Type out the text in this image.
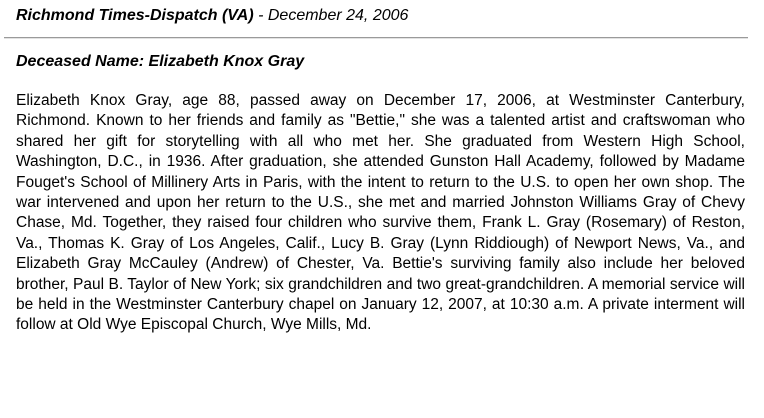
Richmond Times-Dispatch (VA) - December 24, 2006
Deceased Name: Elizabeth Knox Gray

Elizabeth Knox Gray, age 88, passed away on December 17, 2006, at Westminster Canterbury, Richmond. Known to her friends and family as "Bettie," she was a talented artist and craftswoman who shared her gift for storytelling with all who met her. She graduated from Western High School, Washington, D.C., in 1936. After graduation, she attended Gunston Hall Academy, followed by Madame Fouget's School of Millinery Arts in Paris, with the intent to return to the U.S. to open her own shop. The war intervened and upon her return to the U.S., she met and married Johnston Williams Gray of Chevy Chase, Md. Together, they raised four children who survive them, Frank L. Gray (Rosemary) of Reston, Va., Thomas K. Gray of Los Angeles, Calif., Lucy B. Gray (Lynn Riddiough) of Newport News, Va., and Elizabeth Gray McCauley (Andrew) of Chester, Va. Bettie's surviving family also include her beloved brother, Paul B. Taylor of New York; six grandchildren and two great-grandchildren. A memorial service will be held in the Westminster Canterbury chapel on January 12, 2007, at 10:30 a.m. A private interment will follow at Old Wye Episcopal Church, Wye Mills, Md.
